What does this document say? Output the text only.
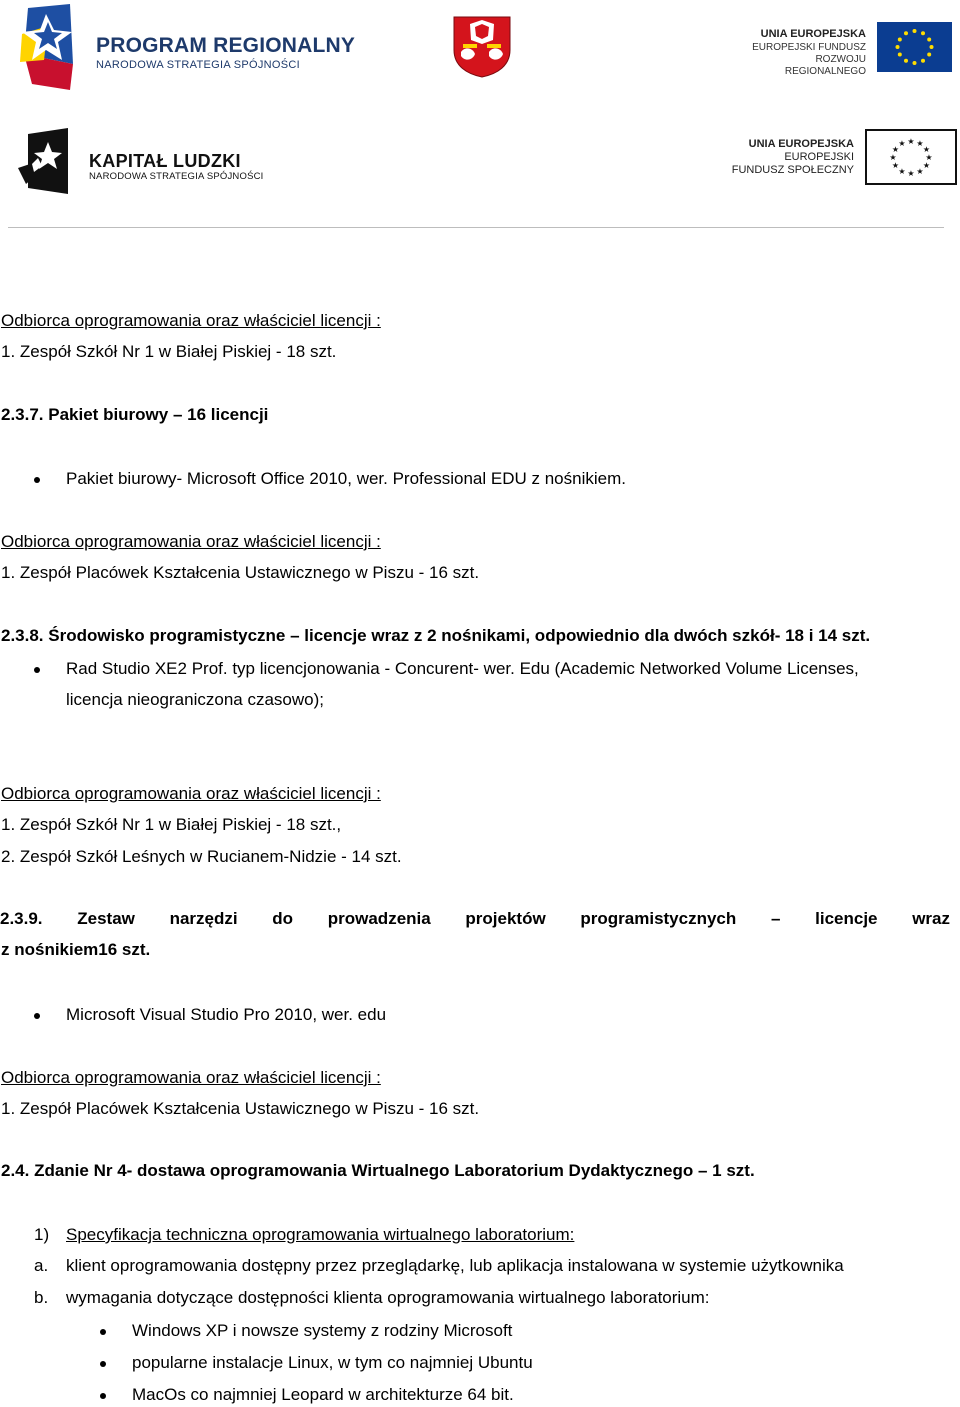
PROGRAM REGIONALNY
NARODOWA STRATEGIA SPÓJNOŚCI
UNIA EUROPEJSKA
EUROPEJSKI FUNDUSZ
ROZWOJU REGIONALNEGO
KAPITAŁ LUDZKI
NARODOWA STRATEGIA SPÓJNOŚCI
UNIA EUROPEJSKA
EUROPEJSKI
FUNDUSZ SPOŁECZNY
★ ★
★
★
★
★
★
★
★
★
★
★
Odbiorca oprogramowania oraz właściciel licencji :
1. Zespół Szkół Nr 1 w Białej Piskiej - 18 szt.
2.3.7. Pakiet biurowy – 16 licencji
Pakiet biurowy- Microsoft Office 2010, wer. Professional EDU z nośnikiem.
Odbiorca oprogramowania oraz właściciel licencji :
1. Zespół Placówek Kształcenia Ustawicznego w Piszu - 16 szt.
2.3.8. Środowisko programistyczne – licencje wraz z 2 nośnikami, odpowiednio dla dwóch szkół- 18 i 14 szt.
Rad Studio XE2 Prof. typ licencjonowania - Concurent- wer. Edu (Academic Networked Volume Licenses,
licencja nieograniczona czasowo);
Odbiorca oprogramowania oraz właściciel licencji :
1. Zespół Szkół Nr 1 w Białej Piskiej - 18 szt.,
2. Zespół Szkół Leśnych w Rucianem-Nidzie - 14 szt.
2.3.9. Zestaw narzędzi do prowadzenia projektów programistycznych – licencje wraz
z nośnikiem16 szt.
Microsoft Visual Studio Pro 2010, wer. edu
Odbiorca oprogramowania oraz właściciel licencji :
1. Zespół Placówek Kształcenia Ustawicznego w Piszu - 16 szt.
2.4. Zdanie Nr 4- dostawa oprogramowania Wirtualnego Laboratorium Dydaktycznego – 1 szt.
1) Specyfikacja techniczna oprogramowania wirtualnego laboratorium:
a. klient oprogramowania dostępny przez przeglądarkę, lub aplikacja instalowana w systemie użytkownika
b. wymagania dotyczące dostępności klienta oprogramowania wirtualnego laboratorium:
Windows XP i nowsze systemy z rodziny Microsoft
popularne instalacje Linux, w tym co najmniej Ubuntu
MacOs co najmniej Leopard w architekturze 64 bit.
